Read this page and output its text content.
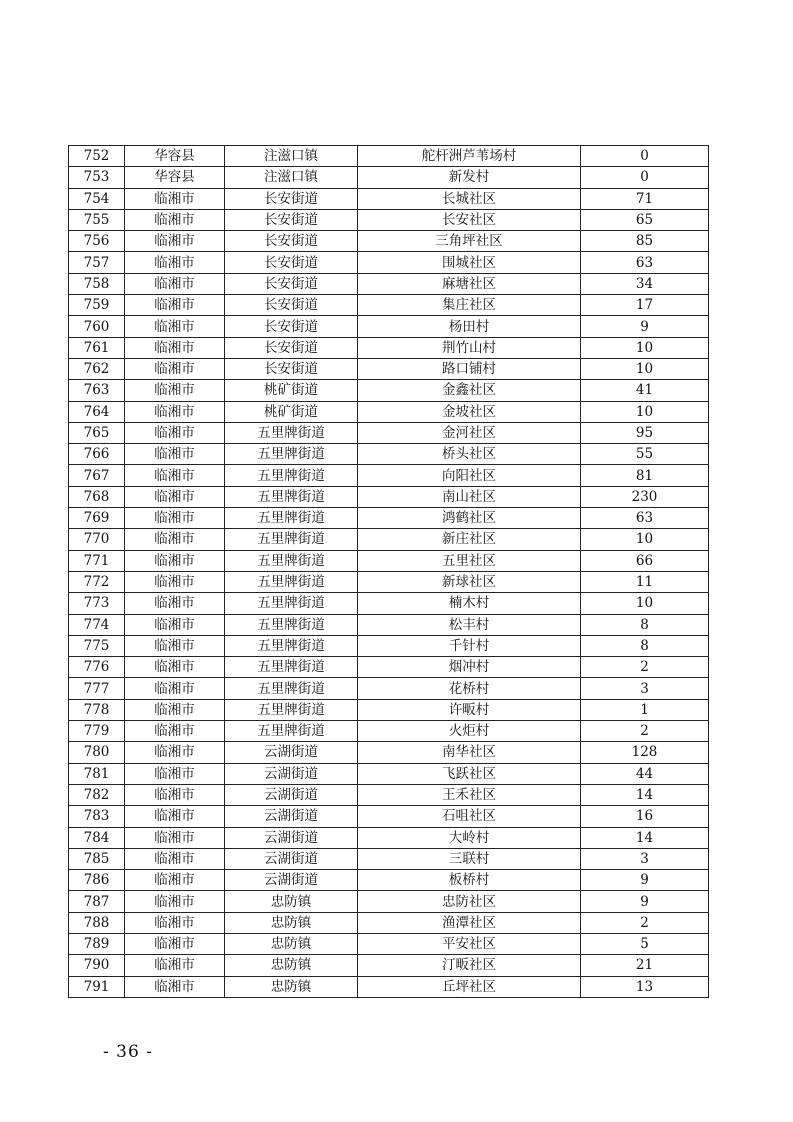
752	华容县	注滋口镇	舵杆洲芦苇场村	0
753	华容县	注滋口镇	新发村	0
754	临湘市	长安街道	长城社区	71
755	临湘市	长安街道	长安社区	65
756	临湘市	长安街道	三角坪社区	85
757	临湘市	长安街道	围城社区	63
758	临湘市	长安街道	麻塘社区	34
759	临湘市	长安街道	集庄社区	17
760	临湘市	长安街道	杨田村	9
761	临湘市	长安街道	荆竹山村	10
762	临湘市	长安街道	路口铺村	10
763	临湘市	桃矿街道	金鑫社区	41
764	临湘市	桃矿街道	金坡社区	10
765	临湘市	五里牌街道	金河社区	95
766	临湘市	五里牌街道	桥头社区	55
767	临湘市	五里牌街道	向阳社区	81
768	临湘市	五里牌街道	南山社区	230
769	临湘市	五里牌街道	鸿鹤社区	63
770	临湘市	五里牌街道	新庄社区	10
771	临湘市	五里牌街道	五里社区	66
772	临湘市	五里牌街道	新球社区	11
773	临湘市	五里牌街道	楠木村	10
774	临湘市	五里牌街道	松丰村	8
775	临湘市	五里牌街道	千针村	8
776	临湘市	五里牌街道	烟冲村	2
777	临湘市	五里牌街道	花桥村	3
778	临湘市	五里牌街道	许畈村	1
779	临湘市	五里牌街道	火炬村	2
780	临湘市	云湖街道	南华社区	128
781	临湘市	云湖街道	飞跃社区	44
782	临湘市	云湖街道	王禾社区	14
783	临湘市	云湖街道	石咀社区	16
784	临湘市	云湖街道	大岭村	14
785	临湘市	云湖街道	三联村	3
786	临湘市	云湖街道	板桥村	9
787	临湘市	忠防镇	忠防社区	9
788	临湘市	忠防镇	渔潭社区	2
789	临湘市	忠防镇	平安社区	5
790	临湘市	忠防镇	汀畈社区	21
791	临湘市	忠防镇	丘坪社区	13
- 36 -
